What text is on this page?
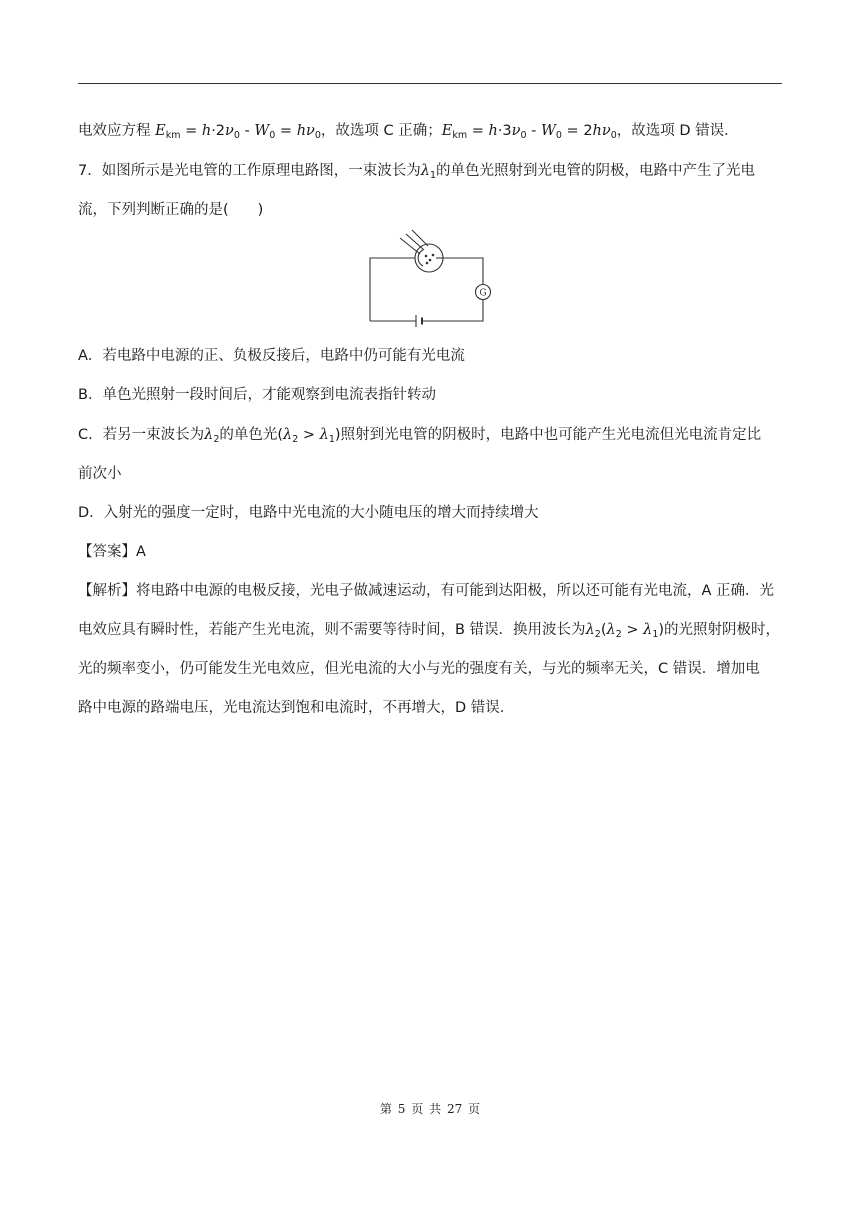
电效应方程 $E_{km} = h\cdot 2\nu_0 - W_0 = h\nu_0$，故选项 C 正确；$E_{km} = h\cdot 3\nu_0 - W_0 = 2h\nu_0$，故选项 D 错误．
7．如图所示是光电管的工作原理电路图，一束波长为$\lambda_1$的单色光照射到光电管的阴极，电路中产生了光电
流，下列判断正确的是(　　)
G
A．若电路中电源的正、负极反接后，电路中仍可能有光电流
B．单色光照射一段时间后，才能观察到电流表指针转动
C．若另一束波长为$\lambda_2$的单色光$(\lambda_2 > \lambda_1)$照射到光电管的阴极时，电路中也可能产生光电流但光电流肯定比
前次小
D．入射光的强度一定时，电路中光电流的大小随电压的增大而持续增大
【答案】A
【解析】将电路中电源的电极反接，光电子做减速运动，有可能到达阳极，所以还可能有光电流，A 正确．光
电效应具有瞬时性，若能产生光电流，则不需要等待时间，B 错误．换用波长为$\lambda_2(\lambda_2 > \lambda_1)$的光照射阴极时，
光的频率变小，仍可能发生光电效应，但光电流的大小与光的强度有关，与光的频率无关，C 错误．增加电
路中电源的路端电压，光电流达到饱和电流时，不再增大，D 错误．
第 5 页 共 27 页
